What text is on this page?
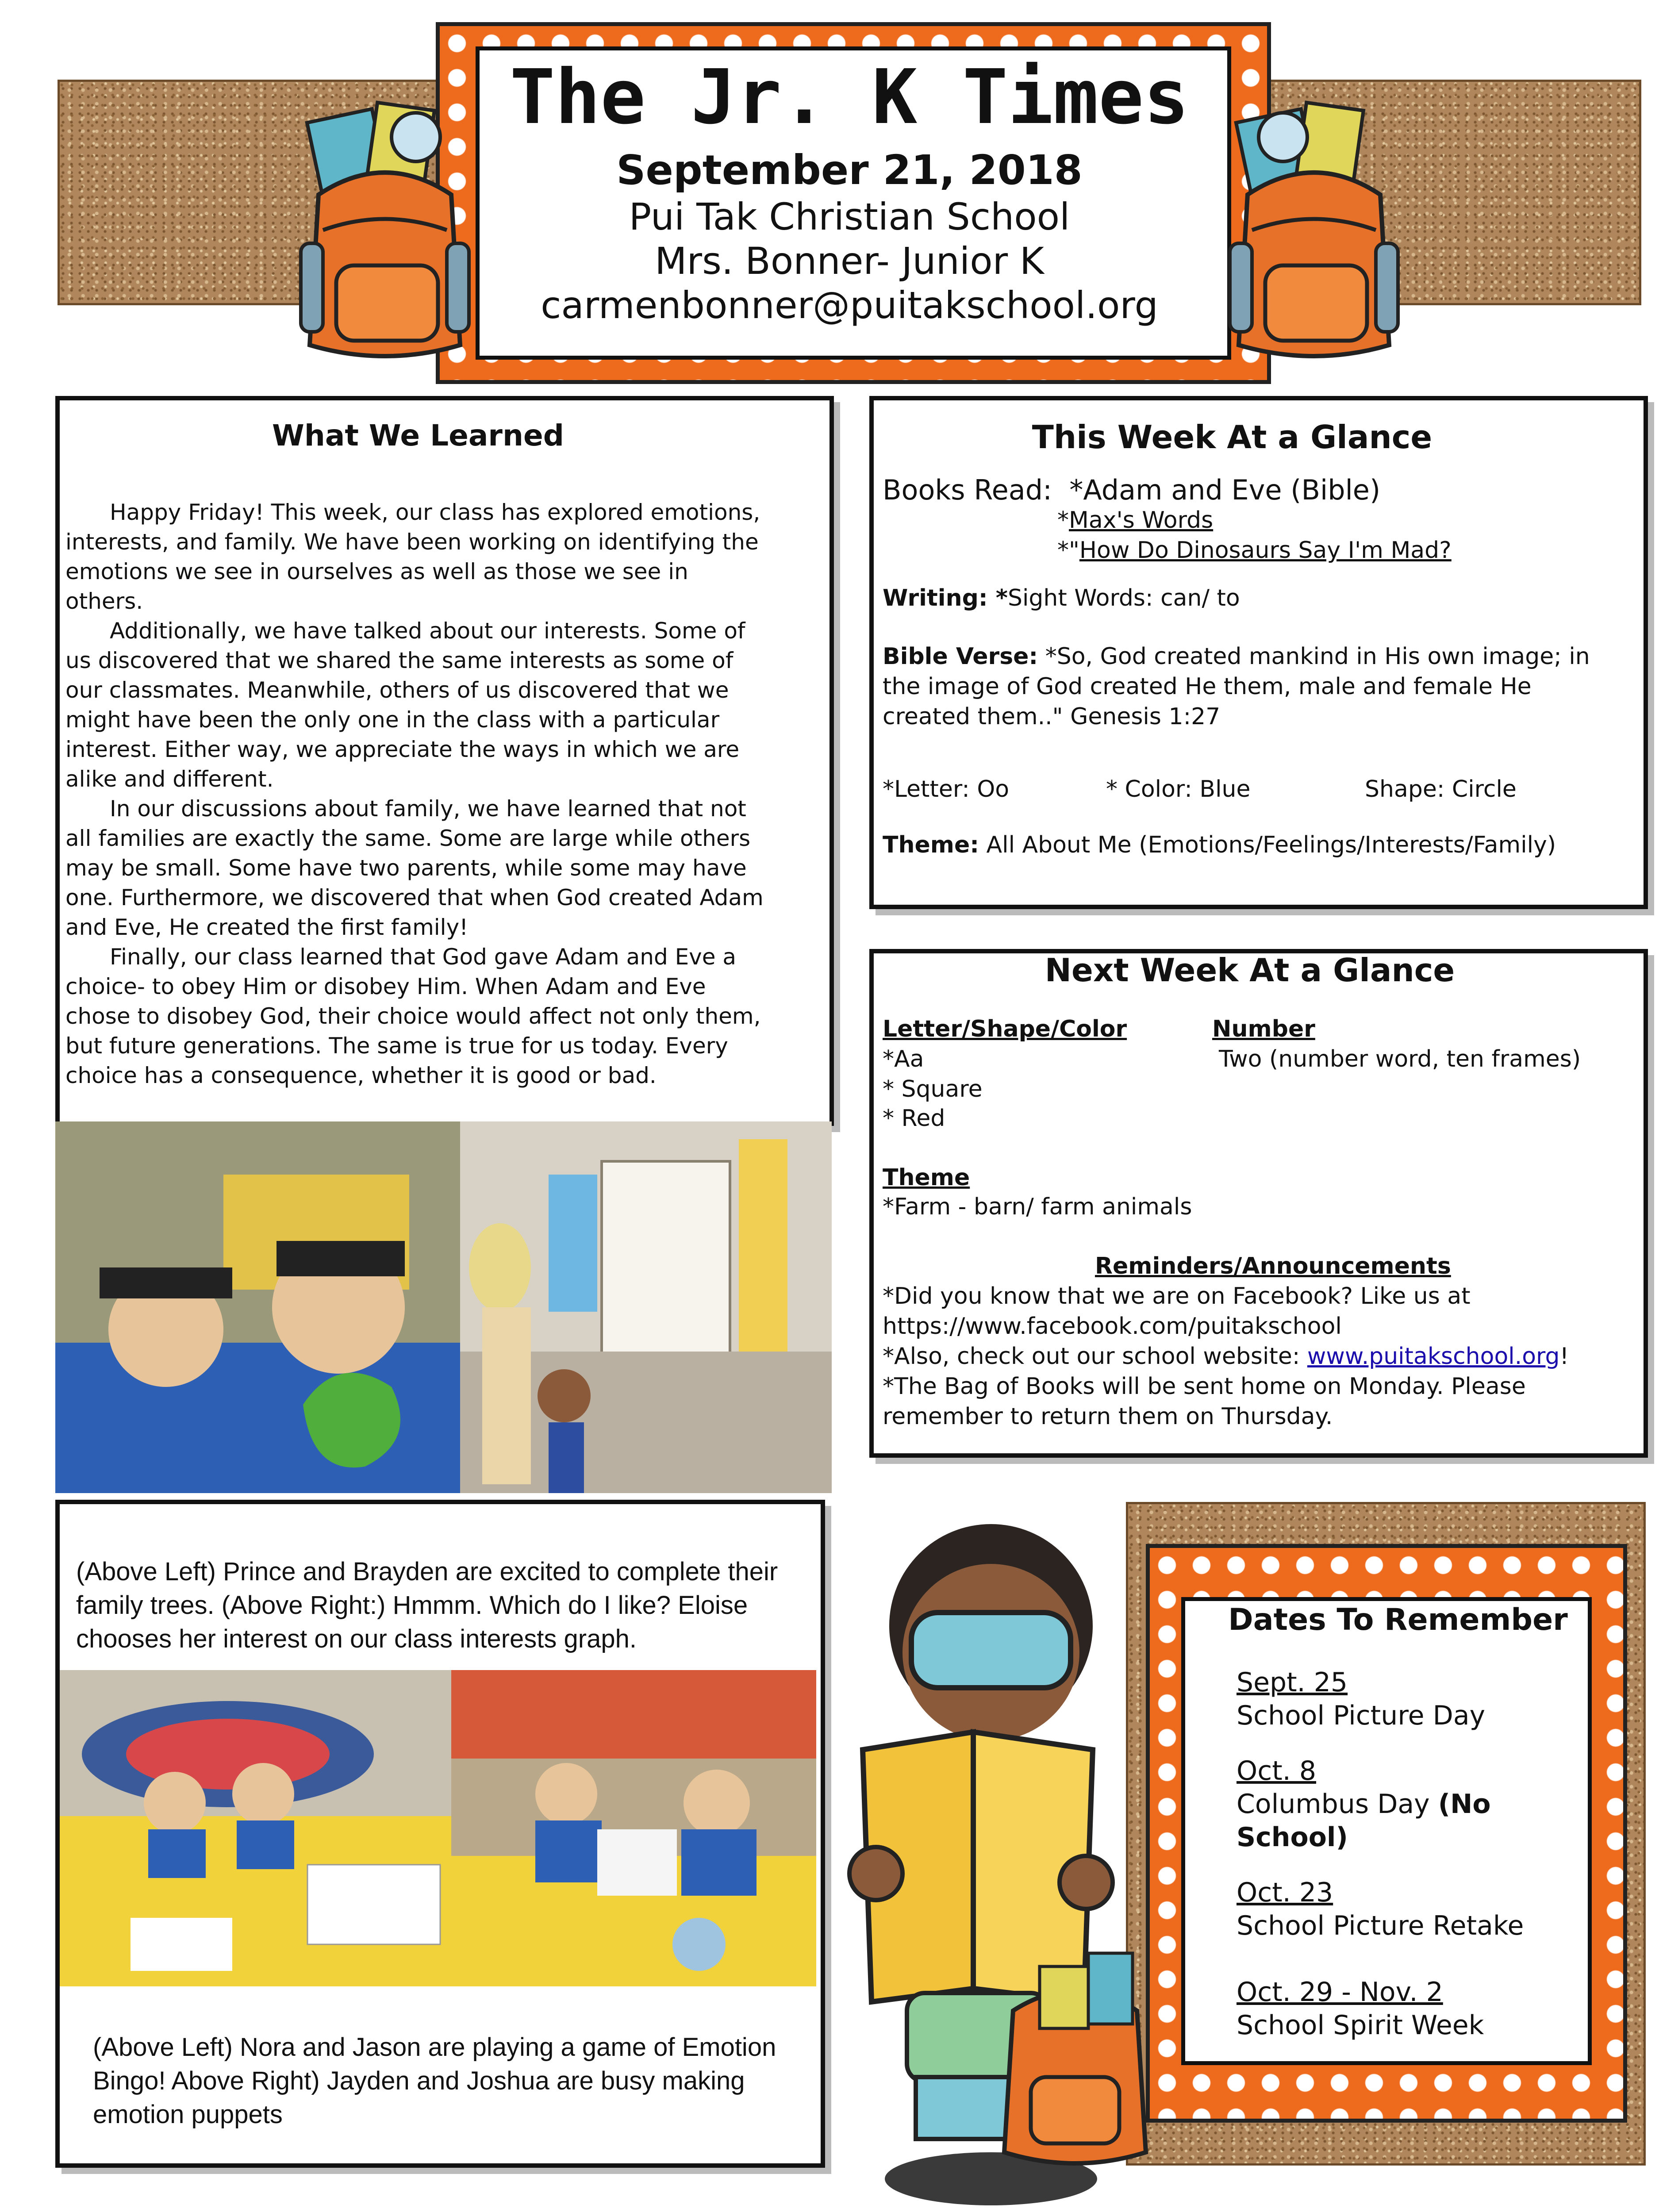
The Jr. K Times
September 21, 2018
Pui Tak Christian School
Mrs. Bonner- Junior K
carmenbonner@puitakschool.org
What We Learned

Happy Friday! This week, our class has explored emotions, interests, and family. We have been working on identifying the emotions we see in ourselves as well as those we see in others.

Additionally, we have talked about our interests. Some of us discovered that we shared the same interests as some of our classmates. Meanwhile, others of us discovered that we might have been the only one in the class with a particular interest. Either way, we appreciate the ways in which we are alike and different.

In our discussions about family, we have learned that not all families are exactly the same. Some are large while others may be small. Some have two parents, while some may have one. Furthermore, we discovered that when God created Adam and Eve, He created the first family!

Finally, our class learned that God gave Adam and Eve a choice- to obey Him or disobey Him. When Adam and Eve chose to disobey God, their choice would affect not only them, but future generations. The same is true for us today. Every choice has a consequence, whether it is good or bad.

This Week At a Glance
Books Read: *Adam and Eve (Bible)
*Max's Words
*"How Do Dinosaurs Say I'm Mad?
Writing: *Sight Words: can/ to
Bible Verse: *So, God created mankind in His own image; in the image of God created He them, male and female He created them.." Genesis 1:27
*Letter: Oo	* Color: Blue	Shape: Circle
Theme: All About Me (Emotions/Feelings/Interests/Family)
Next Week At a Glance
Letter/Shape/Color
*Aa
* Square
* Red
Number
Two (number word, ten frames)
Theme
*Farm - barn/ farm animals
Reminders/Announcements
*Did you know that we are on Facebook? Like us at
https://www.facebook.com/puitakschool
*Also, check out our school website: www.puitakschool.org!
*The Bag of Books will be sent home on Monday. Please
remember to return them on Thursday.
(Above Left) Prince and Brayden are excited to complete their family trees. (Above Right:) Hmmm. Which do I like? Eloise chooses her interest on our class interests graph.
(Above Left) Nora and Jason are playing a game of Emotion Bingo! Above Right) Jayden and Joshua are busy making emotion puppets
Dates To Remember
Sept. 25
School Picture Day
Oct. 8
Columbus Day (No
School)
Oct. 23
School Picture Retake
Oct. 29 - Nov. 2
School Spirit Week
